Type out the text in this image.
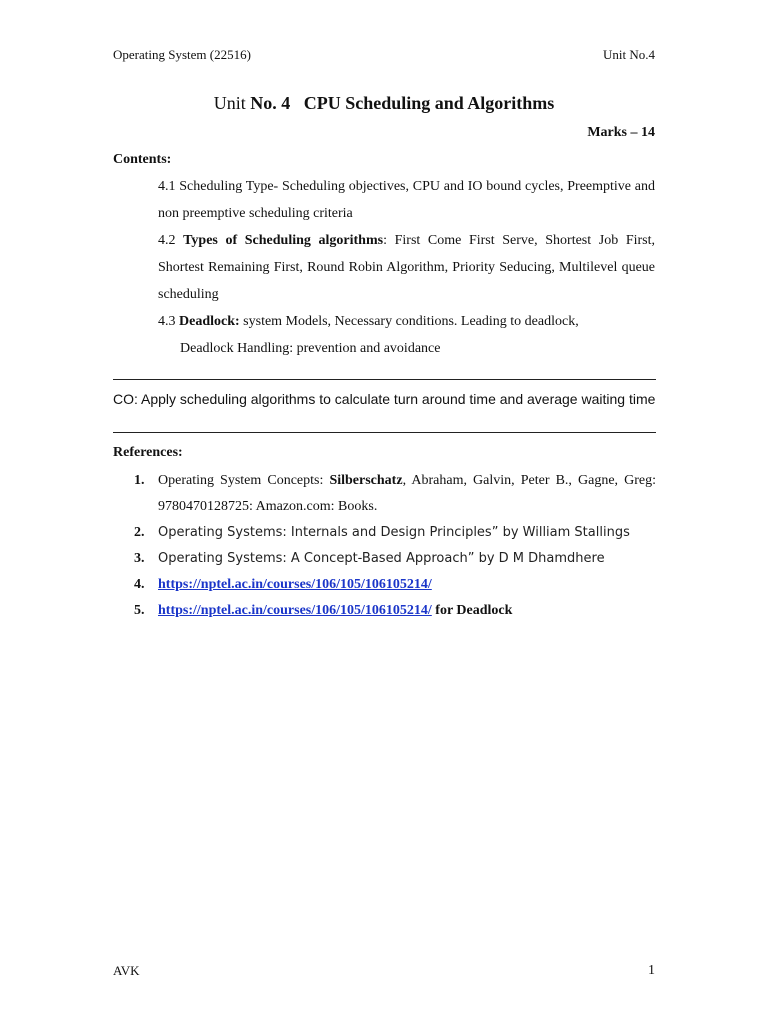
Operating System (22516)	Unit No.4
Unit No. 4 CPU Scheduling and Algorithms
Marks – 14
Contents:
4.1 Scheduling Type- Scheduling objectives, CPU and IO bound cycles, Preemptive and non preemptive scheduling criteria
4.2 Types of Scheduling algorithms: First Come First Serve, Shortest Job First, Shortest Remaining First, Round Robin Algorithm, Priority Seducing, Multilevel queue scheduling
4.3 Deadlock: system Models, Necessary conditions. Leading to deadlock,
Deadlock Handling: prevention and avoidance
CO: Apply scheduling algorithms to calculate turn around time and average waiting time
References:
1. Operating System Concepts: Silberschatz, Abraham, Galvin, Peter B., Gagne, Greg: 9780470128725: Amazon.com: Books.
2. Operating Systems: Internals and Design Principles” by William Stallings
3. Operating Systems: A Concept-Based Approach” by D M Dhamdhere
4. https://nptel.ac.in/courses/106/105/106105214/
5. https://nptel.ac.in/courses/106/105/106105214/ for Deadlock
AVK	1
